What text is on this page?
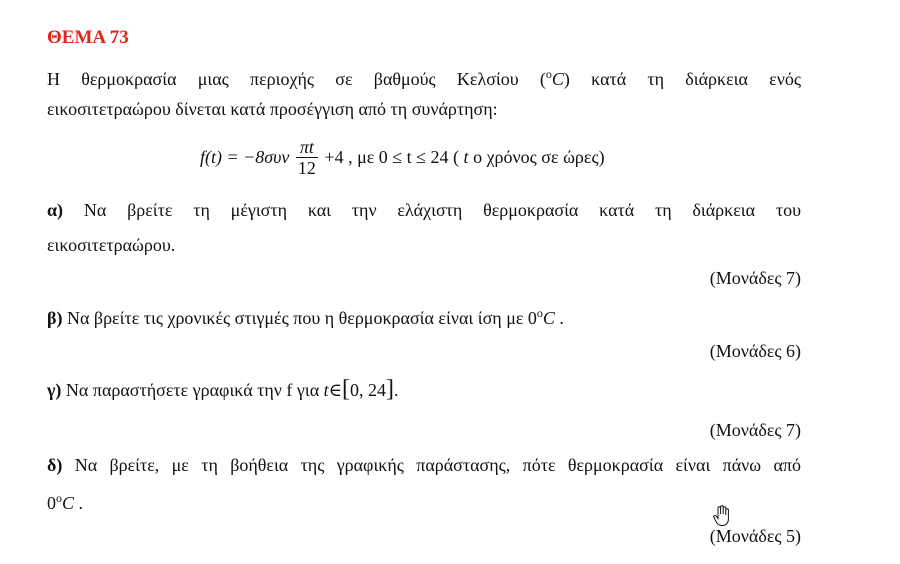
ΘΕΜΑ 73
Η θερμοκρασία μιας περιοχής σε βαθμούς Κελσίου ($^o$C) κατά τη διάρκεια ενός
εικοσιτετραώρου δίνεται κατά προσέγγιση από τη συνάρτηση:
$f(t) = -8\sigma\upsilon\nu \frac{\pi t}{12} +4$ , με 0 ≤ t ≤ 24 ( t ο χρόνος σε ώρες)
α) Να βρείτε τη μέγιστη και την ελάχιστη θερμοκρασία κατά τη διάρκεια του
εικοσιτετραώρου.
(Μονάδες 7)
β) Να βρείτε τις χρονικές στιγμές που η θερμοκρασία είναι ίση με 0$^o$C .
(Μονάδες 6)
γ) Να παραστήσετε γραφικά την f για t∈[0, 24].
(Μονάδες 7)
δ) Να βρείτε, με τη βοήθεια της γραφικής παράστασης, πότε θερμοκρασία είναι πάνω από
0$^o$C .
(Μονάδες 5)
